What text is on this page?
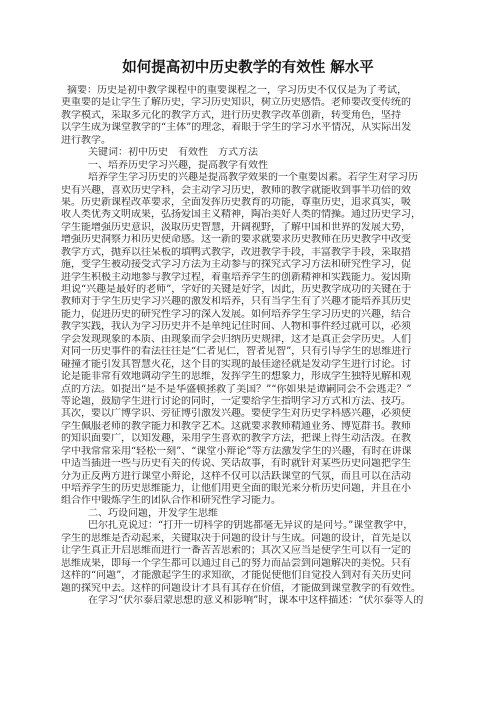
如何提高初中历史教学的有效性 解水平
摘要：历史是初中教学课程中的重要课程之一，学习历史不仅仅是为了考试，
更重要的是让学生了解历史，学习历史知识，树立历史感悟。老师要改变传统的
教学模式，采取多元化的教学方式，进行历史教学改革创新，转变角色，坚持
以学生成为课堂教学的“主体”的理念，着眼于学生的学习水平情况，从实际出发
进行教学。
关键词：初中历史　有效性　方式方法
一、培养历史学习兴趣，提高教学有效性
培养学生学习历史的兴趣是提高教学效果的一个重要因素。若学生对学习历
史有兴趣，喜欢历史学科，会主动学习历史，教师的教学就能收到事半功倍的效
果。历史新课程改革要求，全面发挥历史教育的功能，尊重历史，追求真实，吸
收人类优秀文明成果，弘扬爱国主义精神，陶冶美好人类的情操。通过历史学习，
学生能增强历史意识，汲取历史智慧，开阔视野，了解中国和世界的发展大势，
增强历史洞察力和历史使命感。这一新的要求就要求历史教师在历史教学中改变
教学方式，抛弃以往呆板的填鸭式教学，改进教学手段，丰富教学手段，采取措
施，变学生被动接受式学习方法为主动参与的探究式学习方法和研究性学习，促
进学生积极主动地参与教学过程，着重培养学生的创新精神和实践能力。爱因斯
坦说“兴趣是最好的老师”，学好的关键是好学，因此，历史教学成功的关键在于
教师对于学生历史学习兴趣的激发和培养，只有当学生有了兴趣才能培养其历史
能力，促进历史的研究性学习的深入发展。如何培养学生学习历史的兴趣，结合
教学实践，我认为学习历史并不是单纯记住时间、人物和事件经过就可以，必须
学会发现现象的本质、由现象而学会归纳历史规律，这才是真正会学历史。人们
对同一历史事件的看法往往是“仁者见仁，智者见智”，只有引导学生的思维进行
碰撞才能引发其智慧火花，这个目的实现的最佳途径就是发动学生进行讨论。讨
论是能非常有效地调动学生的思维，发挥学生的想象力，形成学生独特见解和观
点的方法。如提出“是不是华盛顿拯救了美国？”“你如果是谭嗣同会不会逃走？”
等论题，鼓励学生进行讨论的同时，一定要给学生指明学习方式和方法、技巧。
其次，要以广博学识、旁征博引激发兴趣。要使学生对历史学科感兴趣，必须使
学生佩服老师的教学能力和教学艺术。这就要求教师精通业务、博览群书。教师
的知识面要广，以知发趣，采用学生喜欢的教学方法，把课上得生动活泼。在教
学中我常常采用“轻松一刻”、“课堂小辩论”等方法激发学生的兴趣，有时在讲课
中适当插进一些与历史有关的传说、笑话故事，有时就针对某些历史问题把学生
分为正反两方进行课堂小辩论，这样不仅可以活跃课堂的气氛，而且可以在活动
中培养学生的历史思维能力，让他们用更全面的眼光来分析历史问题，并且在小
组合作中锻炼学生的团队合作和研究性学习能力。
二、巧设问题，开发学生思维
巴尔扎克说过：“打开一切科学的钥匙都毫无异议的是问号。”课堂教学中，
学生的思维是否动起来，关键取决于问题的设计与生成。问题的设计，首先是以
让学生真正开启思维而进行一番苦苦思索的；其次又应当是使学生可以有一定的
思维成果，即每一个学生都可以通过自己的努力而品尝到问题解决的美悦。只有
这样的“问题”，才能激起学生的求知欲，才能促使他们自觉投入到对有关历史问
题的探究中去。这样的问题设计才具有其存在价值，才能做到课堂教学的有效性。
在学习“伏尔泰启蒙思想的意义和影响”时，课本中这样描述：“伏尔泰等人的
